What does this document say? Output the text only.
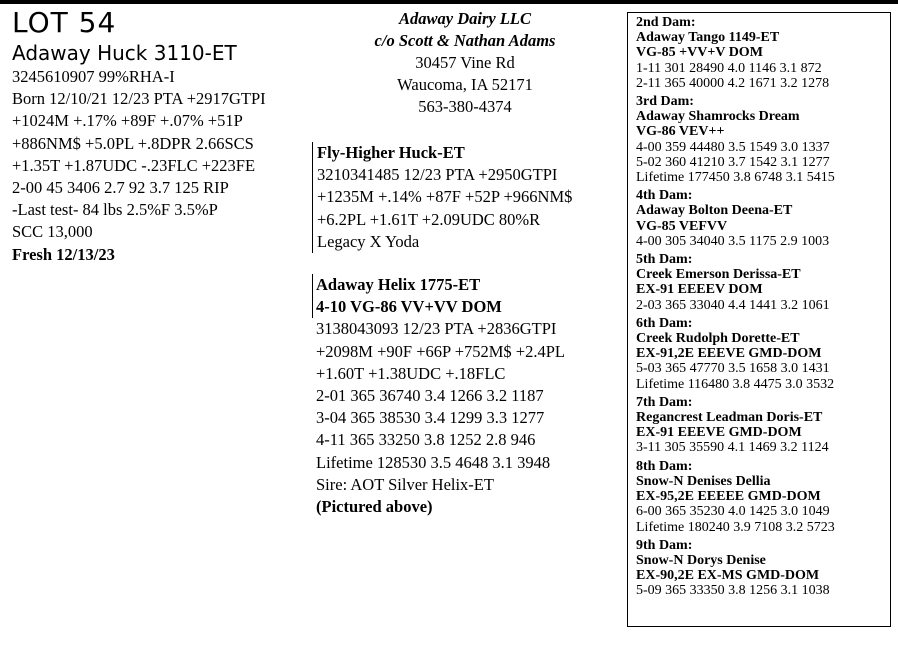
LOT 54
Adaway Huck 3110-ET
3245610907 99%RHA-I
Born 12/10/21 12/23 PTA +2917GTPI
+1024M +.17% +89F +.07% +51P
+886NM$ +5.0PL +.8DPR 2.66SCS
+1.35T +1.87UDC -.23FLC +223FE
2-00 45 3406 2.7 92 3.7 125 RIP
-Last test- 84 lbs 2.5%F 3.5%P
SCC 13,000
Fresh 12/13/23
Adaway Dairy LLC
c/o Scott & Nathan Adams
30457 Vine Rd
Waucoma, IA 52171
563-380-4374
Fly-Higher Huck-ET
3210341485 12/23 PTA +2950GTPI
+1235M +.14% +87F +52P +966NM$
+6.2PL +1.61T +2.09UDC 80%R
Legacy X Yoda
Adaway Helix 1775-ET
4-10 VG-86 VV+VV DOM
3138043093 12/23 PTA +2836GTPI
+2098M +90F +66P +752M$ +2.4PL
+1.60T +1.38UDC +.18FLC
2-01 365 36740 3.4 1266 3.2 1187
3-04 365 38530 3.4 1299 3.3 1277
4-11 365 33250 3.8 1252 2.8 946
Lifetime 128530 3.5 4648 3.1 3948
Sire: AOT Silver Helix-ET
(Pictured above)
2nd Dam:
Adaway Tango 1149-ET
VG-85 +VV+V DOM
1-11 301 28490 4.0 1146 3.1 872
2-11 365 40000 4.2 1671 3.2 1278
3rd Dam:
Adaway Shamrocks Dream
VG-86 VEV++
4-00 359 44480 3.5 1549 3.0 1337
5-02 360 41210 3.7 1542 3.1 1277
Lifetime 177450 3.8 6748 3.1 5415
4th Dam:
Adaway Bolton Deena-ET
VG-85 VEFVV
4-00 305 34040 3.5 1175 2.9 1003
5th Dam:
Creek Emerson Derissa-ET
EX-91 EEEEV DOM
2-03 365 33040 4.4 1441 3.2 1061
6th Dam:
Creek Rudolph Dorette-ET
EX-91,2E EEEVE GMD-DOM
5-03 365 47770 3.5 1658 3.0 1431
Lifetime 116480 3.8 4475 3.0 3532
7th Dam:
Regancrest Leadman Doris-ET
EX-91 EEEVE GMD-DOM
3-11 305 35590 4.1 1469 3.2 1124
8th Dam:
Snow-N Denises Dellia
EX-95,2E EEEEE GMD-DOM
6-00 365 35230 4.0 1425 3.0 1049
Lifetime 180240 3.9 7108 3.2 5723
9th Dam:
Snow-N Dorys Denise
EX-90,2E EX-MS GMD-DOM
5-09 365 33350 3.8 1256 3.1 1038
